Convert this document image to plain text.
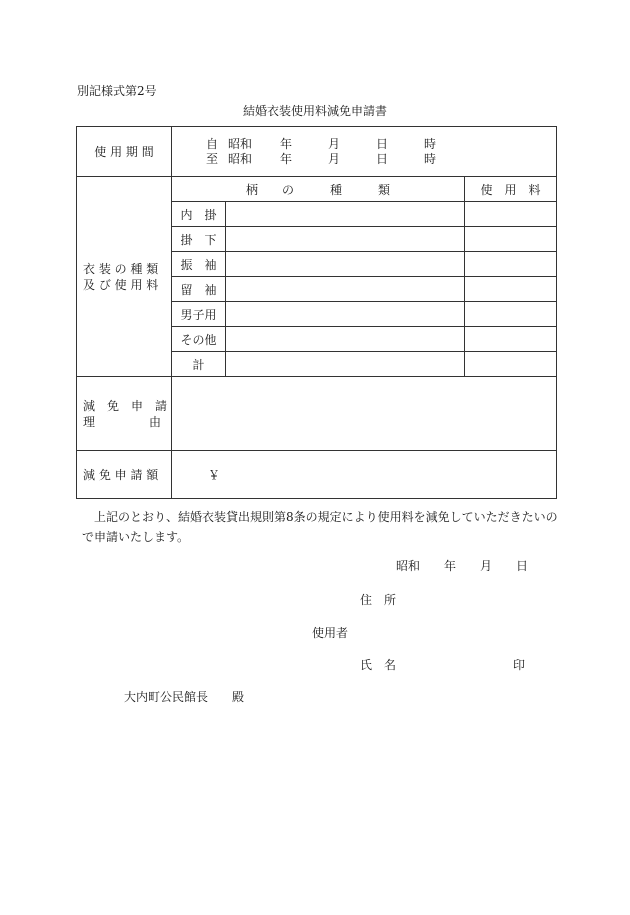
別記様式第2号
結婚衣装使用料減免申請書
使 用 期 間	自 昭和 年 月 日 時
至 昭和 年 月 日 時		

衣 装 の 種 類
及 び 使 用 料	柄　　の　　　種　　　類		使　用　料
	内　掛		
	掛　下		
	振　袖		
	留　袖		
	男子用		
	その他		
	計		

減　免　申　請
理 由			

減 免 申 請 額	￥		
上記のとおり、結婚衣装貸出規則第8条の規定により使用料を減免していただきたいので申請いたします。
昭和 年 月 日
住　所
使用者
氏　名	印
大内町公民館長　　殿
